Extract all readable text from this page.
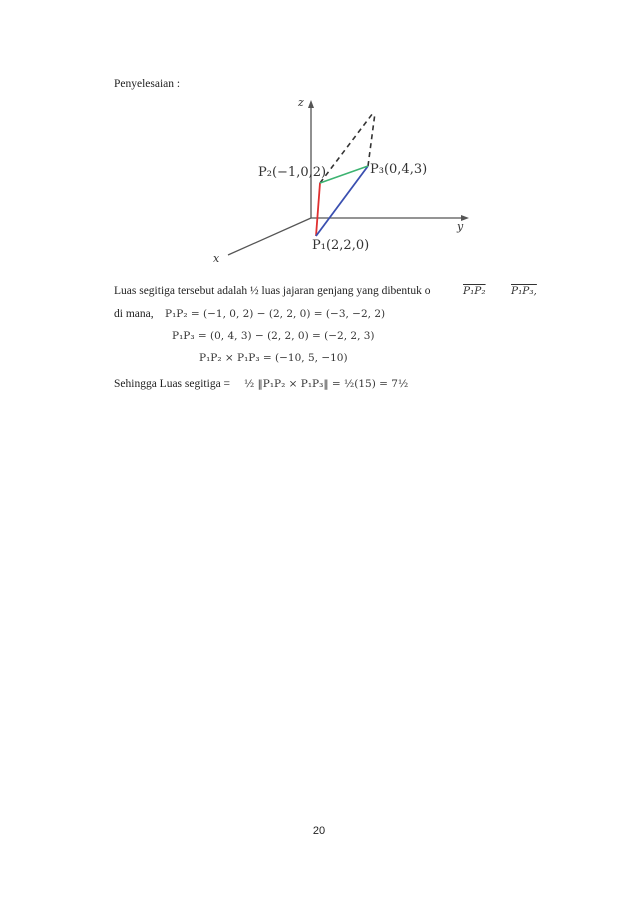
Penyelesaian :
z
y
x
P₂(−1,0,2)	P₃(0,4,3)
P₁(2,2,0)
Luas segitiga tersebut adalah ½ luas jajaran genjang yang dibentuk o	P₁P₂ P₁P₃,
di mana, P₁P₂ = (−1, 0, 2) − (2, 2, 0) = (−3, −2, 2)
P₁P₃ = (0, 4, 3) − (2, 2, 0) = (−2, 2, 3)
P₁P₂ × P₁P₃ = (−10, 5, −10)
Sehingga Luas segitiga = ½ ‖P₁P₂ × P₁P₃‖ = ½(15) = 7½
20
